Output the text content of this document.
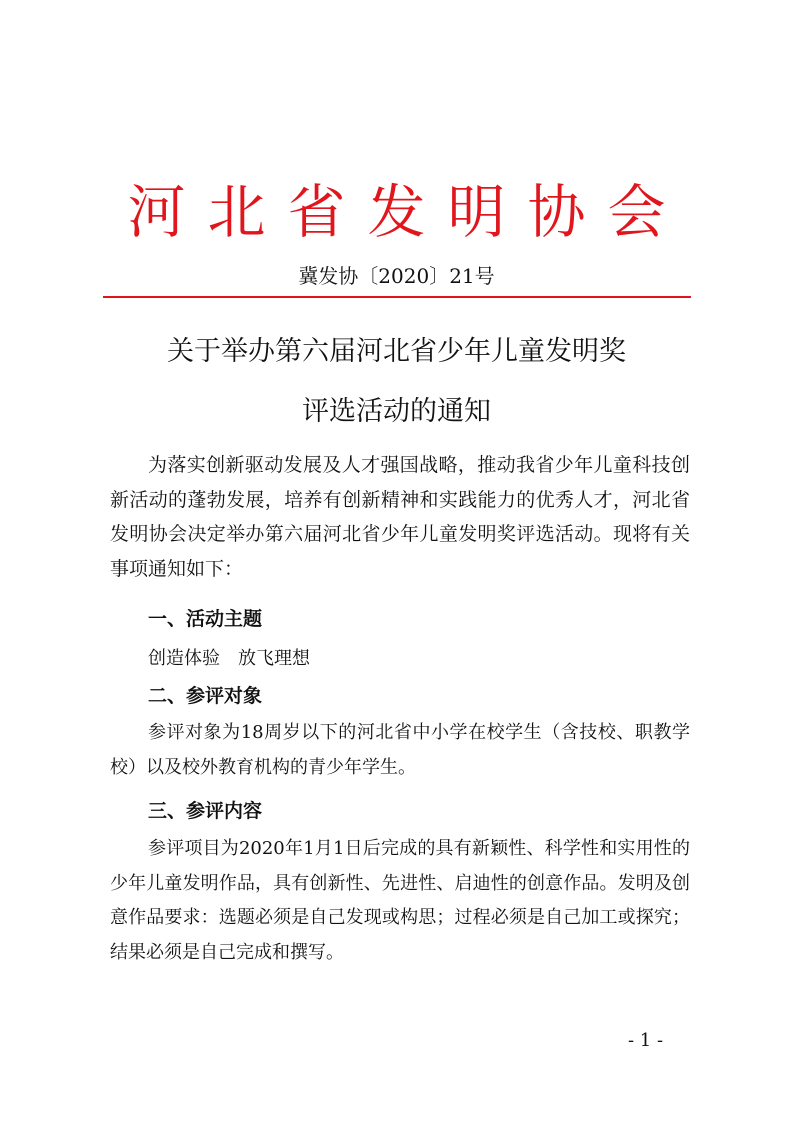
河北省发明协会
冀发协〔2020〕21号
关于举办第六届河北省少年儿童发明奖
评选活动的通知

为落实创新驱动发展及人才强国战略，推动我省少年儿童科技创新活动的蓬勃发展，培养有创新精神和实践能力的优秀人才，河北省发明协会决定举办第六届河北省少年儿童发明奖评选活动。现将有关事项通知如下：

一、活动主题
创造体验　放飞理想
二、参评对象

参评对象为18周岁以下的河北省中小学在校学生（含技校、职教学校）以及校外教育机构的青少年学生。

三、参评内容

参评项目为2020年1月1日后完成的具有新颖性、科学性和实用性的少年儿童发明作品，具有创新性、先进性、启迪性的创意作品。发明及创意作品要求：选题必须是自己发现或构思；过程必须是自己加工或探究；结果必须是自己完成和撰写。

- 1 -
